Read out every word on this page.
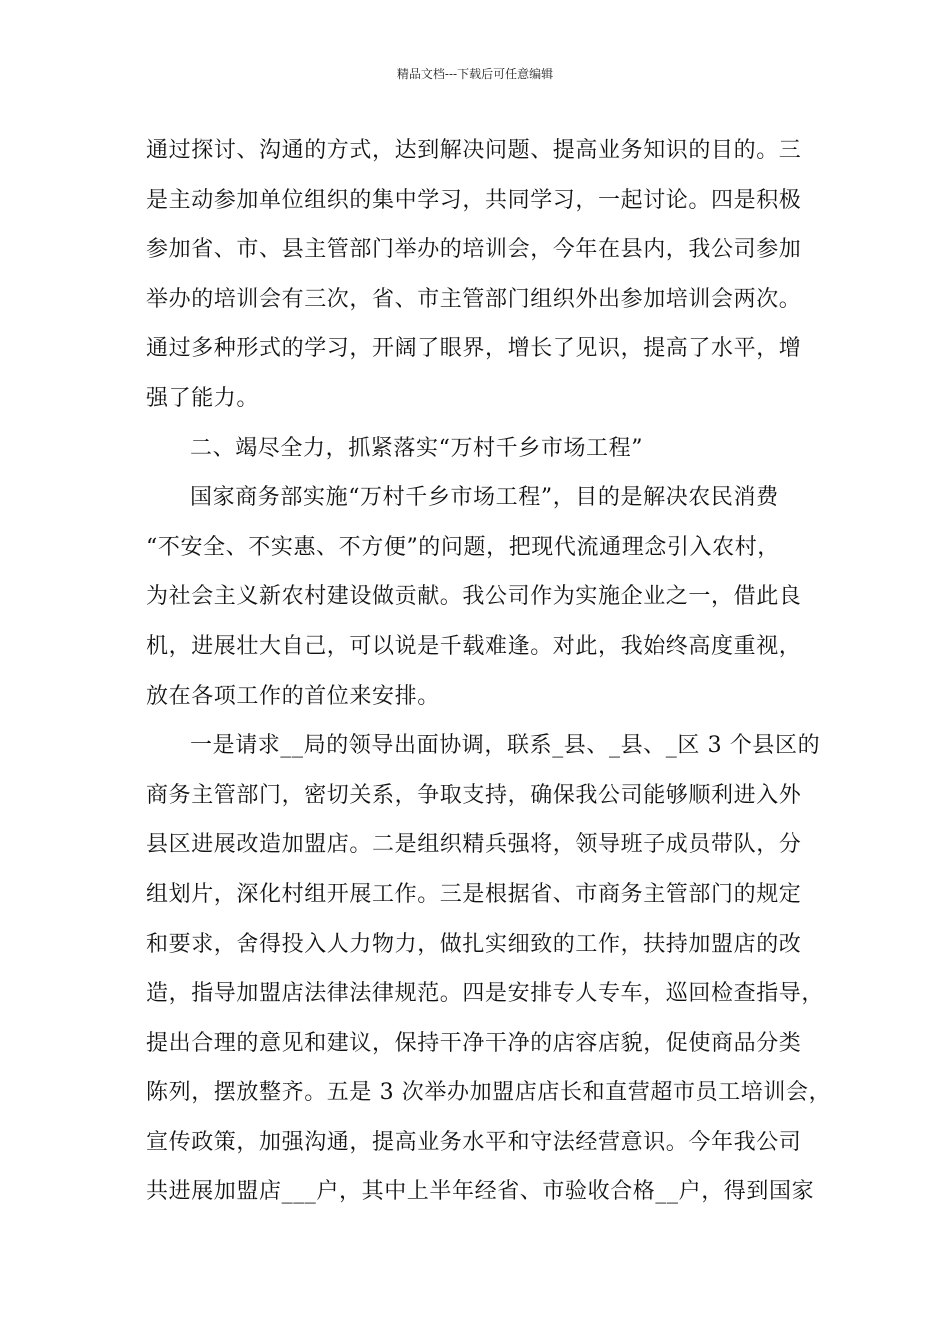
精品文档---下载后可任意编辑
通过探讨、沟通的方式，达到解决问题、提高业务知识的目的。三
是主动参加单位组织的集中学习，共同学习，一起讨论。四是积极
参加省、市、县主管部门举办的培训会，今年在县内，我公司参加
举办的培训会有三次，省、市主管部门组织外出参加培训会两次。
通过多种形式的学习，开阔了眼界，增长了见识，提高了水平，增
强了能力。
二、竭尽全力，抓紧落实“万村千乡市场工程”
国家商务部实施“万村千乡市场工程”，目的是解决农民消费
“不安全、不实惠、不方便”的问题，把现代流通理念引入农村，
为社会主义新农村建设做贡献。我公司作为实施企业之一，借此良
机，进展壮大自己，可以说是千载难逢。对此，我始终高度重视，
放在各项工作的首位来安排。
一是请求__局的领导出面协调，联系_县、_县、_区 3 个县区的
商务主管部门，密切关系，争取支持，确保我公司能够顺利进入外
县区进展改造加盟店。二是组织精兵强将，领导班子成员带队，分
组划片，深化村组开展工作。三是根据省、市商务主管部门的规定
和要求，舍得投入人力物力，做扎实细致的工作，扶持加盟店的改
造，指导加盟店法律法律规范。四是安排专人专车，巡回检查指导，
提出合理的意见和建议，保持干净干净的店容店貌，促使商品分类
陈列，摆放整齐。五是 3 次举办加盟店店长和直营超市员工培训会，
宣传政策，加强沟通，提高业务水平和守法经营意识。今年我公司
共进展加盟店___户，其中上半年经省、市验收合格__户，得到国家
